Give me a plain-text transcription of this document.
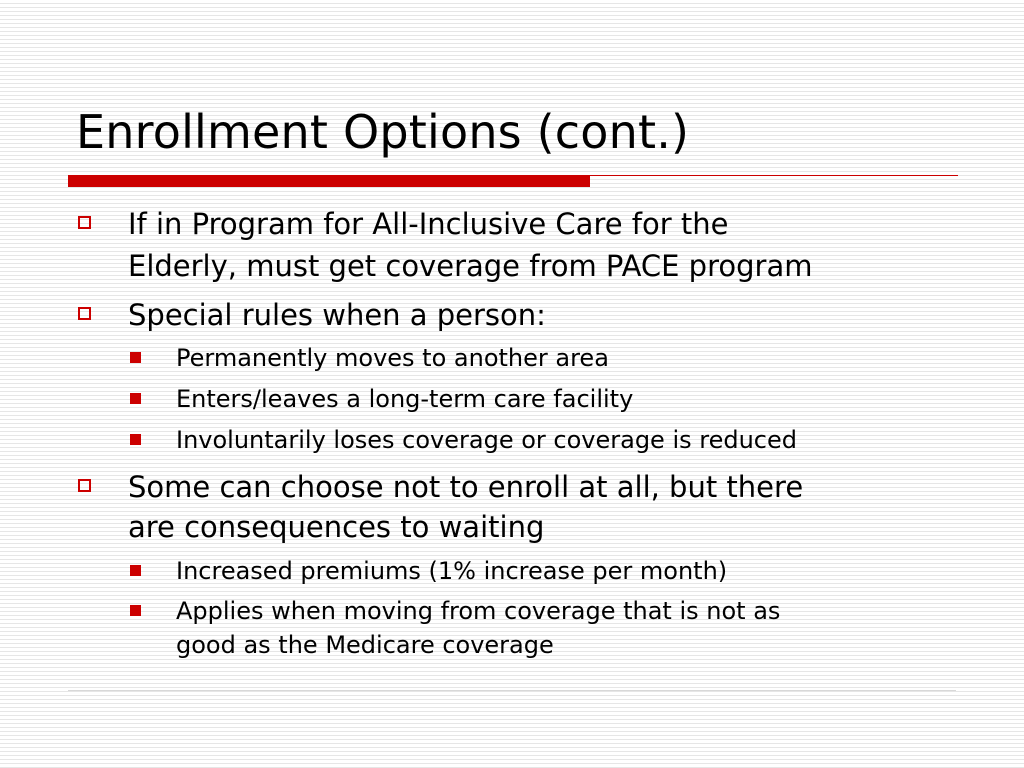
Enrollment Options (cont.)
If in Program for All-Inclusive Care for the
Elderly, must get coverage from PACE program
Special rules when a person:
Permanently moves to another area
Enters/leaves a long-term care facility
Involuntarily loses coverage or coverage is reduced
Some can choose not to enroll at all, but there
are consequences to waiting
Increased premiums (1% increase per month)
Applies when moving from coverage that is not as
good as the Medicare coverage
